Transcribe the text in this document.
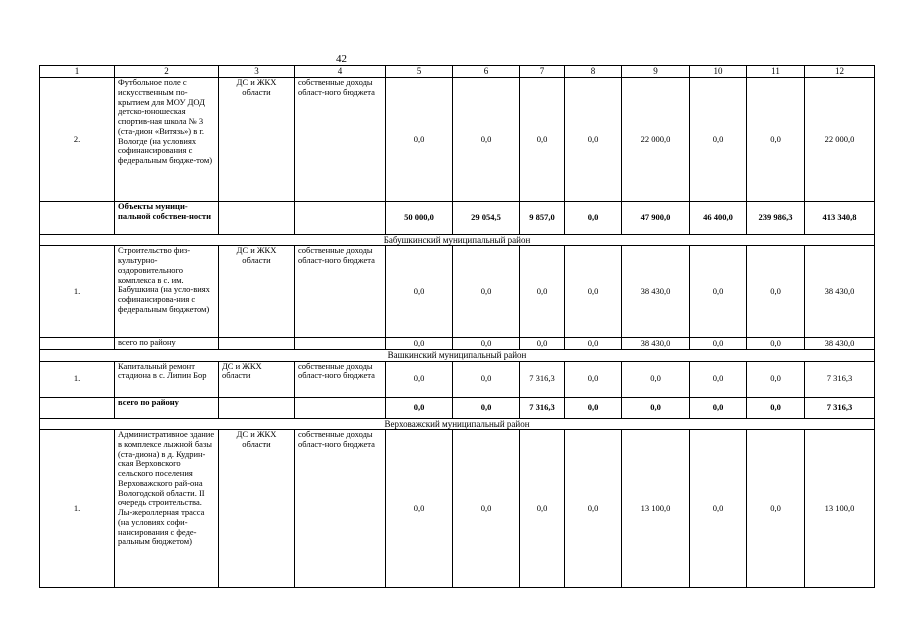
42
1	2	3	4	5	6	7	8	9	10	11	12
2.	Футбольное поле с искусственным по-крытием для МОУ ДОД детско-юношеская спортив-ная школа № 3 (ста-дион «Витязь») в г. Вологде (на условиях софинансирования с федеральным бюдже-том)	ДС и ЖКХ области	собственные доходы област-ного бюджета	0,0	0,0	0,0	0,0	22 000,0	0,0	0,0	22 000,0
	Объекты муници-пальной собствен-ности			50 000,0	29 054,5	9 857,0	0,0	47 900,0	46 400,0	239 986,3	413 340,8
Бабушкинский муниципальный район											
1.	Строительство физ-культурно-оздоровительного комплекса в с. им. Бабушкина (на усло-виях софинансирова-ния с федеральным бюджетом)	ДС и ЖКХ области	собственные доходы област-ного бюджета	0,0	0,0	0,0	0,0	38 430,0	0,0	0,0	38 430,0
	всего по району			0,0	0,0	0,0	0,0	38 430,0	0,0	0,0	38 430,0
Вашкинский муниципальный район											
1.	Капитальный ремонт стадиона в с. Липин Бор	ДС и ЖКХ области	собственные доходы област-ного бюджета	0,0	0,0	7 316,3	0,0	0,0	0,0	0,0	7 316,3
	всего по району			0,0	0,0	7 316,3	0,0	0,0	0,0	0,0	7 316,3
Верховажский муниципальный район											
1.	Административное здание в комплексе лыжной базы (ста-диона) в д. Кудрин-ская Верховского сельского поселения Верховажского рай-она Вологодской области. II очередь строительства. Лы-жероллерная трасса (на условиях софи-нансирования с феде-ральным бюджетом)	ДС и ЖКХ области	собственные доходы област-ного бюджета	0,0	0,0	0,0	0,0	13 100,0	0,0	0,0	13 100,0
